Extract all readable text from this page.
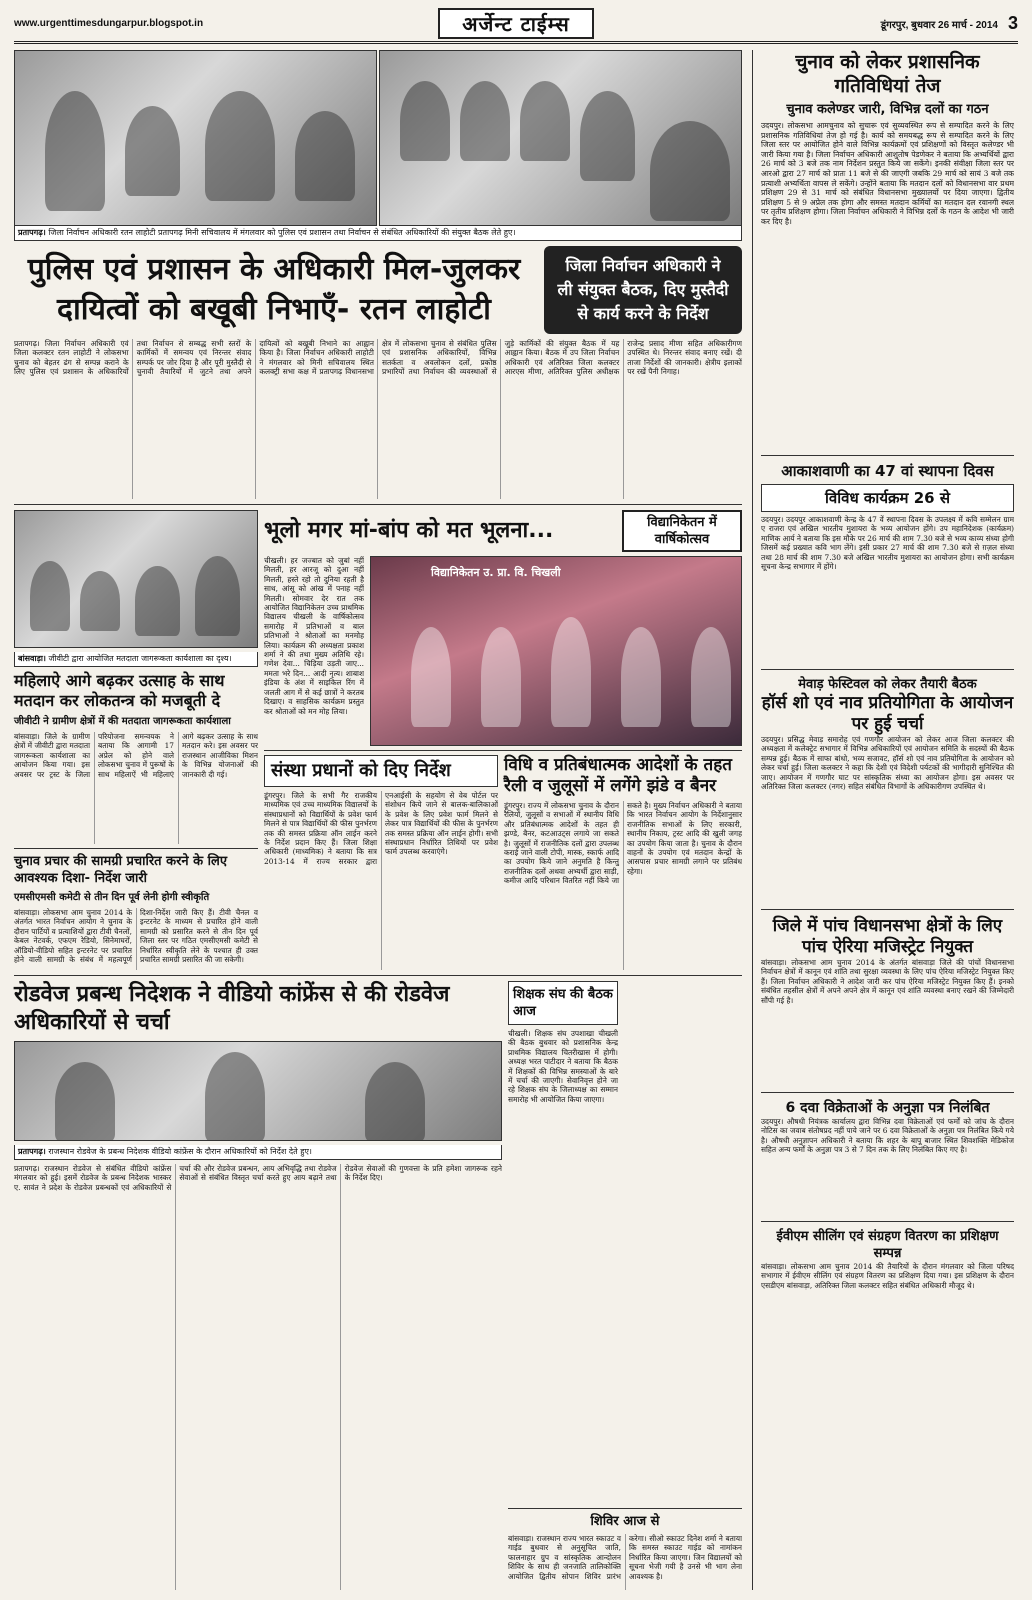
www.urgenttimesdungarpur.blogspot.in	अर्जेन्ट टाईम्स	डूंगरपुर, बुधवार 26 मार्च - 2014 3
प्रतापगढ़। जिला निर्वाचन अधिकारी रतन लाहोटी प्रतापगढ़ मिनी सचिवालय में मंगलवार को पुलिस एवं प्रशासन तथा निर्वाचन से संबंधित अधिकारियों की संयुक्त बैठक लेते हुए।
पुलिस एवं प्रशासन के अधिकारी मिल-जुलकर दायित्वों को बखूबी निभाएँ- रतन लाहोटी
जिला निर्वाचन अधिकारी ने ली संयुक्त बैठक, दिए मुस्तैदी से कार्य करने के निर्देश
प्रतापगढ़। जिला निर्वाचन अधिकारी एवं जिला कलक्टर रतन लाहोटी ने लोकसभा चुनाव को बेहतर ढंग से सम्पन्न कराने के लिए पुलिस एवं प्रशासन के अधिकारियों तथा निर्वाचन से सम्बद्ध सभी स्तरों के कार्मिकों में समन्वय एवं निरन्तर संवाद सम्पर्क पर जोर दिया है और पूरी मुस्तैदी से चुनावी तैयारियों में जुटने तथा अपने दायित्वों को बखूबी निभाने का आह्वान किया है। जिला निर्वाचन अधिकारी लाहोटी ने मंगलवार को मिनी सचिवालय स्थित कलक्ट्री सभा कक्ष में प्रतापगढ़ विधानसभा क्षेत्र में लोकसभा चुनाव से संबंधित पुलिस एवं प्रशासनिक अधिकारियों, विभिन्न सतर्कता व अवलोकन दलों, प्रकोष्ठ प्रभारियों तथा निर्वाचन की व्यवस्थाओं से जुड़े कार्मिकों की संयुक्त बैठक में यह आह्वान किया। बैठक में उप जिला निर्वाचन अधिकारी एवं अतिरिक्त जिला कलक्टर आरएस मीणा, अतिरिक्त पुलिस अधीक्षक राजेन्द्र प्रसाद मीणा सहित अधिकारीगण उपस्थित थे। निरन्तर संवाद बनाए रखें। दी ताजा निर्देशों की जानकारी। क्षेत्रीय इलाकों पर रखें पैनी निगाह।
बांसवाड़ा। जीवीटी द्वारा आयोजित मतदाता जागरूकता कार्यशाला का दृश्य।
महिलाऐ आगे बढ़कर उत्साह के साथ मतदान कर लोकतन्त्र को मजबूती दे
जीवीटी ने ग्रामीण क्षेत्रों में की मतदाता जागरूकता कार्यशाला
बांसवाड़ा। जिले के ग्रामीण क्षेत्रों में जीवीटी द्वारा मतदाता जागरूकता कार्यशाला का आयोजन किया गया। इस अवसर पर ट्रस्ट के जिला परियोजना समन्वयक ने बताया कि आगामी 17 अप्रेल को होने वाले लोकसभा चुनाव में पुरूषों के साथ महिलाऐं भी महिलाएं आगे बढ़कर उत्साह के साथ मतदान करे। इस अवसर पर राजस्थान आजीविका मिशन के विभिन्न योजनाओं की जानकारी दी गई।
चुनाव प्रचार की सामग्री प्रचारित करने के लिए आवश्यक दिशा- निर्देश जारी
एमसीएमसी कमेटी से तीन दिन पूर्व लेनी होगी स्वीकृति
बांसवाड़ा। लोकसभा आम चुनाव 2014 के अंतर्गत भारत निर्वाचन आयोग ने चुनाव के दौरान पार्टियों व प्रत्याशियों द्वारा टीवी चैनलों, केबल नेटवर्क, एफएम रेडियो, सिनेमाघरों, ऑडियो-वीडियो सहित इन्टरनेट पर प्रचारित होने वाली सामग्री के संबंध में महत्वपूर्ण दिशा-निर्देश जारी किए हैं। टीवी चैनल व इन्टरनेट के माध्यम से प्रचारित होने वाली सामग्री को प्रसारित करने से तीन दिन पूर्व जिला स्तर पर गठित एमसीएमसी कमेटी से निर्धारित स्वीकृति लेने के पश्चात ही उक्त प्रचारित सामग्री प्रसारित की जा सकेगी।
भूलो मगर मां-बांप को मत भूलना...	विद्यानिकेतन में वार्षिकोत्सव
चीखली। हर जज्बात को जुबां नहीं मिलती, हर आरजू को दुआ नहीं मिलती, हस्ते रहो तो दुनिया रहती है साथ, आंसू को आंख में पनाह नहीं मिलती। सोमवार देर रात तक आयोजित विद्यानिकेतन उच्च प्राथमिक विद्यालय चीखली के वार्षिकोत्सव समारोह में प्रतिभाओं व बाल प्रतिभाओं ने श्रोताओं का मनमोह लिया। कार्यक्रम की अध्यक्षता प्रकाश शर्मा ने की तथा मुख्य अतिथि रहे। गणेश देवा... चिड़िया उड़ती जाए... ममता भरे दिन... आदी नृत्य। शाबाश इंडिया के अंश में साइकिल रिंग में जलती आग में से कई छात्रों ने करतब दिखाए। व साहसिक कार्यक्रम प्रस्तुत कर श्रोताओं को मन मोह लिया।
विद्यानिकेतन उ. प्रा. वि. चिखली
संस्था प्रधानों को दिए निर्देश
डूंगरपुर। जिले के सभी गैर राजकीय माध्यमिक एवं उच्च माध्यमिक विद्यालयों के संस्थाप्रधानों को विद्यार्थियों के प्रवेश फार्म मिलने से पात्र विद्यार्थियों की फीस पुनर्भरण तक की समस्त प्रक्रिया ऑन लाईन करने के निर्देश प्रदान किए हैं। जिला शिक्षा अधिकारी (माध्यमिक) ने बताया कि सत्र 2013-14 में राज्य सरकार द्वारा एनआईसी के सहयोग से वेब पोर्टल पर संशोधन किये जाने से बालक-बालिकाओं के प्रवेश के लिए प्रवेश फार्म मिलने से लेकर पात्र विद्यार्थियों की फीस के पुनर्भरण तक समस्त प्रक्रिया ऑन लाईन होगी। सभी संस्थाप्रधान निर्धारित तिथियों पर प्रवेश फार्म उपलब्ध करवाएंगे।
विधि व प्रतिबंधात्मक आदेशों के तहत रैली व जुलूसों में लगेंगे झंडे व बैनर
डूंगरपुर। राज्य में लोकसभा चुनाव के दौरान रैलियों, जुलूसों व सभाओं में स्थानीय विधि और प्रतिबंधात्मक आदेशों के तहत ही झण्डे, बैनर, कटआउट्स लगाये जा सकते है। जुलूसों में राजनीतिक दलों द्वारा उपलब्ध कराई जाने वाली टोपी, मास्क, स्कार्फ आदि का उपयोग किये जाने अनुमति है किन्तु राजनीतिक दलों अथवा अभ्यर्थी द्वारा साड़ी, कमीज आदि परिधान वितरित नहीं किये जा सकते है। मुख्य निर्वाचन अधिकारी ने बताया कि भारत निर्वाचन आयोग के निर्देशानुसार राजनीतिक सभाओं के लिए सरकारी, स्थानीय निकाय, ट्रस्ट आदि की खुली जगह का उपयोग किया जाता है। चुनाव के दौरान वाहनों के उपयोग एवं मतदान केन्द्रों के आसपास प्रचार सामग्री लगाने पर प्रतिबंध रहेगा।
रोडवेज प्रबन्ध निदेशक ने वीडियो कांफ्रेंस से की रोडवेज अधिकारियों से चर्चा
प्रतापगढ़। राजस्थान रोडवेज के प्रबन्ध निदेशक वीडियो कांफ्रेंस के दौरान अधिकारियों को निर्देश देते हुए।
प्रतापगढ़। राजस्थान रोडवेज से संबंधित वीडियो कांफ्रेंस मंगलवार को हुई। इसमें रोडवेज के प्रबन्ध निदेशक भास्कर ए. सावंत ने प्रदेश के रोडवेज प्रबन्धकों एवं अधिकारियों से चर्चा की और रोडवेज प्रबन्धन, आय अभिवृद्धि तथा रोडवेज सेवाओं से संबंधित विस्तृत चर्चा करते हुए आय बढ़ाने तथा रोडवेज सेवाओं की गुणवत्ता के प्रति हमेशा जागरूक रहने के निर्देश दिए।
शिक्षक संघ की बैठक आज
चीखली। शिक्षक संघ उपशाखा चीखली की बैठक बुधवार को प्रशासनिक केन्द्र प्राथमिक विद्यालय चितरीखास में होगी। अध्यक्ष भरत पाटीदार ने बताया कि बैठक में शिक्षकों की विभिन्न समस्याओं के बारे में चर्चा की जाएगी। सेवानिवृत्त होने जा रहे शिक्षक संघ के जिलाध्यक्ष का सम्मान समारोह भी आयोजित किया जाएगा।
शिविर आज से
बांसवाड़ा। राजस्थान राज्य भारत स्काउट व गाईड बुधवार से अनुसूचित जाति, फालनाहार ग्रुप व सांस्कृतिक आन्दोलन शिविर के साथ ही जनजाति तालिकोक्ति आयोजित द्वितीय सोपान शिविर प्रारंभ करेगा। सीओ स्काउट दिनेश शर्मा ने बताया कि समस्त स्काउट गाईड को नामांकन निर्धारित किया जाएगा। जिन विद्यालयों को सूचना भेजी गयी है उनसे भी भाग लेना आवश्यक है।
चुनाव को लेकर प्रशासनिक गतिविधियां तेज
चुनाव कलेण्डर जारी, विभिन्न दलों का गठन
उदयपुर। लोकसभा आमचुनाव को सुचारू एवं सुव्यवस्थित रूप से सम्पादित करने के लिए प्रशासनिक गतिविधियां तेज हो गई है। कार्य को समयबद्ध रूप से सम्पादित करने के लिए जिला स्तर पर आयोजित होने वाले विभिन्न कार्यक्रमों एवं प्रशिक्षणों को विस्तृत कलेण्डर भी जारी किया गया है। जिला निर्वाचन अधिकारी आशुतोष पेडणेकर ने बताया कि अभ्यर्थियों द्वारा 26 मार्च को 3 बजे तक नाम निर्देशन प्रस्तुत किये जा सकेंगे। इनकी संवीक्षा जिला स्तर पर आरओ द्वारा 27 मार्च को प्रातः 11 बजे से की जाएगी जबकि 29 मार्च को सायं 3 बजे तक प्रत्याशी अभ्यर्थिता वापस ले सकेंगे। उन्होंने बताया कि मतदान दलों को विधानसभा वार प्रथम प्रशिक्षण 29 से 31 मार्च को संबंधित विधानसभा मुख्यालयों पर दिया जाएगा। द्वितीय प्रशिक्षण 5 से 9 अप्रेल तक होगा और समस्त मतदान कर्मियों का मतदान दल रवानगी स्थल पर तृतीय प्रशिक्षण होगा। जिला निर्वाचन अधिकारी ने विभिन्न दलों के गठन के आदेश भी जारी कर दिए है।
आकाशवाणी का 47 वां स्थापना दिवस
विविध कार्यक्रम 26 से
उदयपुर। उदयपुर आकाशवाणी केन्द्र के 47 वें स्थापना दिवस के उपलक्ष्य में कवि सम्मेलन ग्राम ए राजरा एवं अखिल भारतीय मुशायरा के भव्य आयोजन होंगे। उप महानिदेशक (कार्यक्रम) माणिक आर्य ने बताया कि इस मौके पर 26 मार्च की शाम 7.30 बजे से भव्य काव्य संध्या होगी जिसमें कई प्रख्यात कवि भाग लेंगे। इसी प्रकार 27 मार्च की शाम 7.30 बजे से ग़ज़ल संध्या तथा 28 मार्च की शाम 7.30 बजे अखिल भारतीय मुशायरा का आयोजन होगा। सभी कार्यक्रम सूचना केन्द्र सभागार में होंगे।
मेवाड़ फेस्टिवल को लेकर तैयारी बैठक
हॉर्स शो एवं नाव प्रतियोगिता के आयोजन पर हुई चर्चा
उदयपुर। प्रसिद्ध मेवाड़ समारोह एवं गणगौर आयोजन को लेकर आज जिला कलक्टर की अध्यक्षता में कलेक्ट्रेट सभागार में विभिन्न अधिकारियों एवं आयोजन समिति के सदस्यों की बैठक सम्पन्न हुई। बैठक में साफा बांधो, भव्य सजावट, हॉर्स शो एवं नाव प्रतियोगिता के आयोजन को लेकर चर्चा हुई। जिला कलक्टर ने कहा कि देशी एवं विदेशी पर्यटकों की भागीदारी सुनिश्चित की जाए। आयोजन में गणगौर घाट पर सांस्कृतिक संध्या का आयोजन होगा। इस अवसर पर अतिरिक्त जिला कलक्टर (नगर) सहित संबंधित विभागों के अधिकारीगण उपस्थित थे।
जिले में पांच विधानसभा क्षेत्रों के लिए पांच ऐरिया मजिस्ट्रेट नियुक्त
बांसवाड़ा। लोकसभा आम चुनाव 2014 के अंतर्गत बांसवाड़ा जिले की पांचों विधानसभा निर्वाचन क्षेत्रों में कानून एवं शांति तथा सुरक्षा व्यवस्था के लिए पांच ऐरिया मजिस्ट्रेट नियुक्त किए हैं। जिला निर्वाचन अधिकारी ने आदेश जारी कर पांच ऐरिया मजिस्ट्रेट नियुक्त किए हैं। इनको संबंधित तहसील क्षेत्रों में अपने अपने क्षेत्र में कानून एवं शांति व्यवस्था बनाए रखने की जिम्मेदारी सौंपी गई है।
6 दवा विक्रेताओं के अनुज्ञा पत्र निलंबित
उदयपुर। औषधी नियंत्रक कार्यालय द्वारा विभिन्न दवा विक्रेताओं एवं फर्मों को जांच के दौरान नोटिस का जवाब संतोषप्रद नहीं पाये जाने पर 6 दवा विक्रेताओं के अनुज्ञा पत्र निलंबित किये गये है। औषधी अनुज्ञापन अधिकारी ने बताया कि शहर के बापू बाजार स्थित शिवशक्ति मेडिकोज सहित अन्य फर्मों के अनुज्ञा पत्र 3 से 7 दिन तक के लिए निलंबित किए गए है।
ईवीएम सीलिंग एवं संग्रहण वितरण का प्रशिक्षण सम्पन्न
बांसवाड़ा। लोकसभा आम चुनाव 2014 की तैयारियों के दौरान मंगलवार को जिला परिषद सभागार में ईवीएम सीलिंग एवं संग्रहण वितरण का प्रशिक्षण दिया गया। इस प्रशिक्षण के दौरान एसडीएम बांसवाड़ा, अतिरिक्त जिला कलक्टर सहित संबंधित अधिकारी मौजूद थे।
